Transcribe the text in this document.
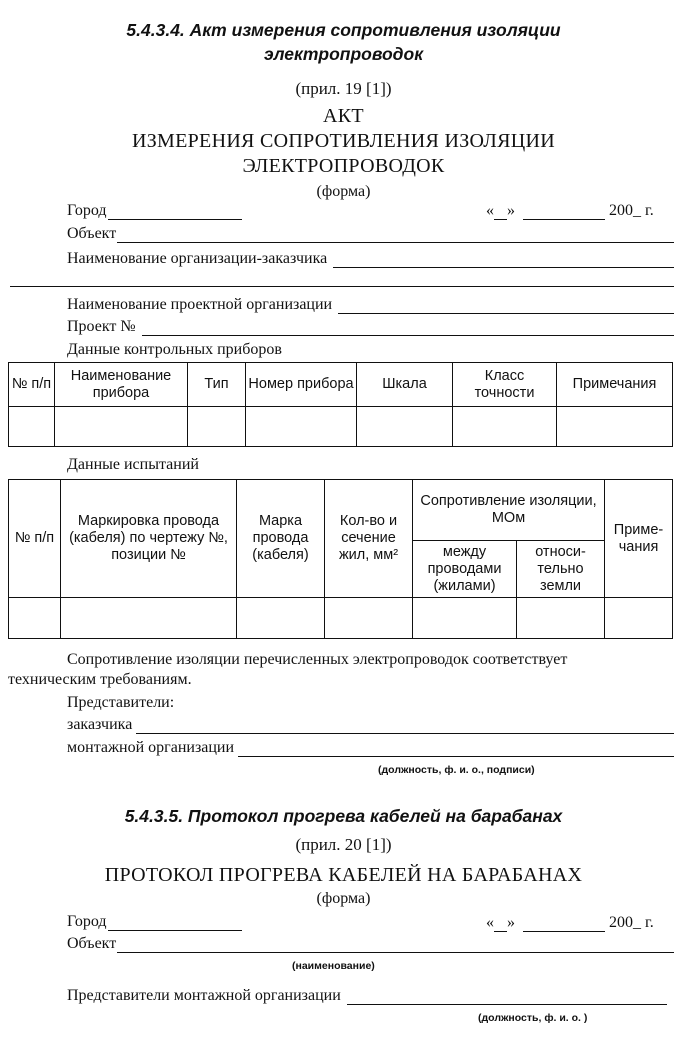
5.4.3.4. Акт измерения сопротивления изоляции
электропроводок
(прил. 19 [1])
АКТ
ИЗМЕРЕНИЯ СОПРОТИВЛЕНИЯ ИЗОЛЯЦИИ
ЭЛЕКТРОПРОВОДОК
(форма)
Город	« »	200_ г.
Объект
Наименование организации-заказчика
Наименование проектной организации
Проект №
Данные контрольных приборов
№ п/п	Наименование прибора	Тип	Номер прибора	Шкала	Класс точности	Примечания

Данные испытаний
№ п/п	Маркировка провода (кабеля) по чертежу №, позиции №	Марка провода (кабеля)	Кол-во и сечение жил, мм²	Сопротивление изоляции, МОм		Приме-чания
				между проводами (жилами)	относи-тельно земли	

Сопротивление изоляции перечисленных электропроводок соответствует
техническим требованиям.
Представители:
заказчика
монтажной организации
(должность, ф. и. о., подписи)
5.4.3.5. Протокол прогрева кабелей на барабанах
(прил. 20 [1])
ПРОТОКОЛ ПРОГРЕВА КАБЕЛЕЙ НА БАРАБАНАХ
(форма)
Город	« »	200_ г.
Объект
(наименование)
Представители монтажной организации
(должность, ф. и. о. )
